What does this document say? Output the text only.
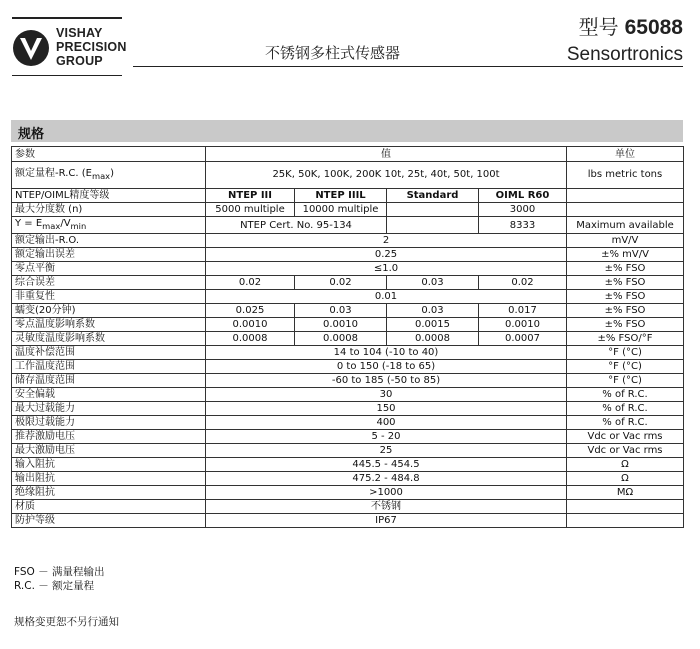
VISHAY
PRECISION
GROUP
型号 65088
不锈钢多柱式传感器	Sensortronics
规格
参数	值				单位
额定量程-R.C. $(E_{max})$	25K, 50K, 100K, 200K 10t, 25t, 40t, 50t, 100t				lbs metric tons
NTEP/OIML精度等级	NTEP III	NTEP IIIL	Standard	OIML R60	
最大分度数 (n)	5000 multiple	10000 multiple		3000	
$Y = E_{max}/V_{min}$	NTEP Cert. No. 95-134			8333	Maximum available
额定输出-R.O.	2				mV/V
额定输出误差	0.25				±% mV/V
零点平衡	≤1.0				±% FSO
综合误差	0.02	0.02	0.03	0.02	±% FSO
非重复性	0.01				±% FSO
蠕变(20分钟)	0.025	0.03	0.03	0.017	±% FSO
零点温度影响系数	0.0010	0.0010	0.0015	0.0010	±% FSO
灵敏度温度影响系数	0.0008	0.0008	0.0008	0.0007	±% FSO/°F
温度补偿范围	14 to 104 (-10 to 40)				°F (°C)
工作温度范围	0 to 150 (-18 to 65)				°F (°C)
储存温度范围	-60 to 185 (-50 to 85)				°F (°C)
安全偏载	30				% of R.C.
最大过载能力	150				% of R.C.
极限过载能力	400				% of R.C.
推荐激励电压	5 - 20				Vdc or Vac rms
最大激励电压	25				Vdc or Vac rms
输入阻抗	445.5 - 454.5				Ω
输出阻抗	475.2 - 484.8				Ω
绝缘阻抗	>1000				MΩ
材质	不锈钢				
防护等级	IP67				
FSO － 满量程输出
R.C. － 额定量程
规格变更恕不另行通知
